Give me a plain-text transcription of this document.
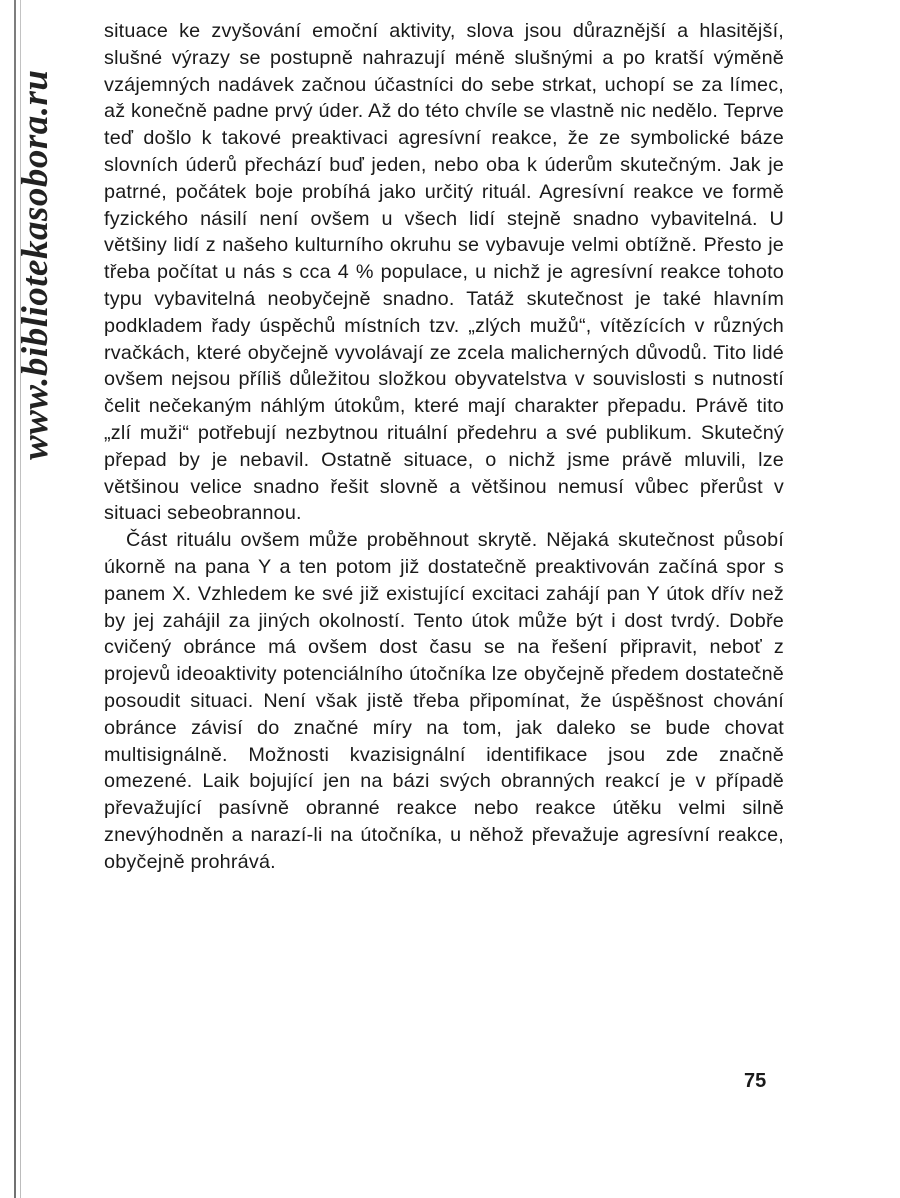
www.bibliotekasobora.ru

situace ke zvyšování emoční aktivity, slova jsou důraznější a hlasitější, slušné výrazy se postupně nahrazují méně slušnými a po kratší výměně vzájemných nadávek začnou účastníci do sebe strkat, uchopí se za límec, až konečně padne prvý úder. Až do této chvíle se vlastně nic nedělo. Teprve teď došlo k takové preaktivaci agresívní reakce, že ze symbolické báze slovních úderů přechází buď jeden, nebo oba k úderům skutečným. Jak je patrné, počátek boje probíhá jako určitý rituál. Agresívní reakce ve formě fyzického násilí není ovšem u všech lidí stejně snadno vybavitelná. U většiny lidí z našeho kulturního okruhu se vybavuje velmi obtížně. Přesto je třeba počítat u nás s cca 4 % populace, u nichž je agresívní reakce tohoto typu vybavitelná neobyčejně snadno. Tatáž skutečnost je také hlavním podkladem řady úspěchů místních tzv. „zlých mužů“, vítězících v různých rvačkách, které obyčejně vyvolávají ze zcela malicherných důvodů. Tito lidé ovšem nejsou příliš důležitou složkou obyvatelstva v souvislosti s nutností čelit nečekaným náhlým útokům, které mají charakter přepadu. Právě tito „zlí muži“ potřebují nezbytnou rituální předehru a své publikum. Skutečný přepad by je nebavil. Ostatně situace, o nichž jsme právě mluvili, lze většinou velice snadno řešit slovně a většinou nemusí vůbec přerůst v situaci sebeobrannou.

Část rituálu ovšem může proběhnout skrytě. Nějaká skutečnost působí úkorně na pana Y a ten potom již dostatečně preaktivován začíná spor s panem X. Vzhledem ke své již existující excitaci zahájí pan Y útok dřív než by jej zahájil za jiných okolností. Tento útok může být i dost tvrdý. Dobře cvičený obránce má ovšem dost času se na řešení připravit, neboť z projevů ideoaktivity potenciálního útočníka lze obyčejně předem dostatečně posoudit situaci. Není však jistě třeba připomínat, že úspěšnost chování obránce závisí do značné míry na tom, jak daleko se bude chovat multisignálně. Možnosti kvazisignální identifikace jsou zde značně omezené. Laik bojující jen na bázi svých obranných reakcí je v případě převažující pasívně obranné reakce nebo reakce útěku velmi silně znevýhodněn a narazí-li na útočníka, u něhož převažuje agresívní reakce, obyčejně prohrává.

75
